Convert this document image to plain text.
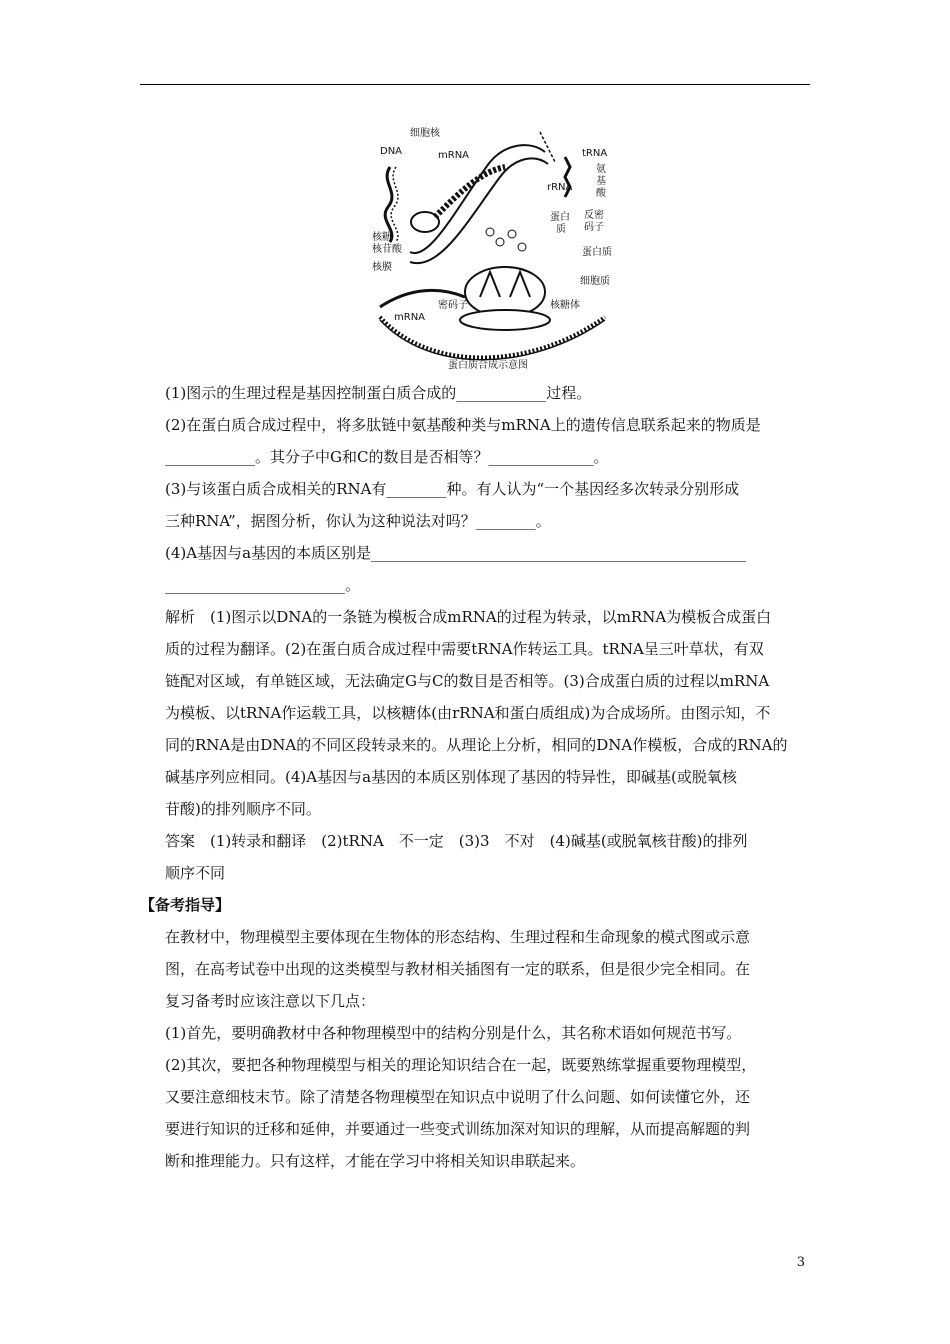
细胞核
DNA	mRNA	tRNA
氨
基
酸
rRNA
蛋白
质
反密
码子
核糖
核苷酸	蛋白质
核膜
细胞质
密码子	核糖体
mRNA
蛋白质合成示意图
(1)图示的生理过程是基因控制蛋白质合成的____________过程。
(2)在蛋白质合成过程中，将多肽链中氨基酸种类与mRNA上的遗传信息联系起来的物质是
____________。其分子中G和C的数目是否相等？______________。
(3)与该蛋白质合成相关的RNA有________种。有人认为“一个基因经多次转录分别形成
三种RNA”，据图分析，你认为这种说法对吗？________。
(4)A基因与a基因的本质区别是__________________________________________________
________________________。
解析　(1)图示以DNA的一条链为模板合成mRNA的过程为转录，以mRNA为模板合成蛋白
质的过程为翻译。(2)在蛋白质合成过程中需要tRNA作转运工具。tRNA呈三叶草状，有双
链配对区域，有单链区域，无法确定G与C的数目是否相等。(3)合成蛋白质的过程以mRNA
为模板、以tRNA作运载工具，以核糖体(由rRNA和蛋白质组成)为合成场所。由图示知，不
同的RNA是由DNA的不同区段转录来的。从理论上分析，相同的DNA作模板，合成的RNA的
碱基序列应相同。(4)A基因与a基因的本质区别体现了基因的特异性，即碱基(或脱氧核
苷酸)的排列顺序不同。
答案　(1)转录和翻译　(2)tRNA　不一定　(3)3　不对　(4)碱基(或脱氧核苷酸)的排列
顺序不同
【备考指导】
在教材中，物理模型主要体现在生物体的形态结构、生理过程和生命现象的模式图或示意
图，在高考试卷中出现的这类模型与教材相关插图有一定的联系，但是很少完全相同。在
复习备考时应该注意以下几点：
(1)首先，要明确教材中各种物理模型中的结构分别是什么，其名称术语如何规范书写。
(2)其次，要把各种物理模型与相关的理论知识结合在一起，既要熟练掌握重要物理模型，
又要注意细枝末节。除了清楚各物理模型在知识点中说明了什么问题、如何读懂它外，还
要进行知识的迁移和延伸，并要通过一些变式训练加深对知识的理解，从而提高解题的判
断和推理能力。只有这样，才能在学习中将相关知识串联起来。
3
